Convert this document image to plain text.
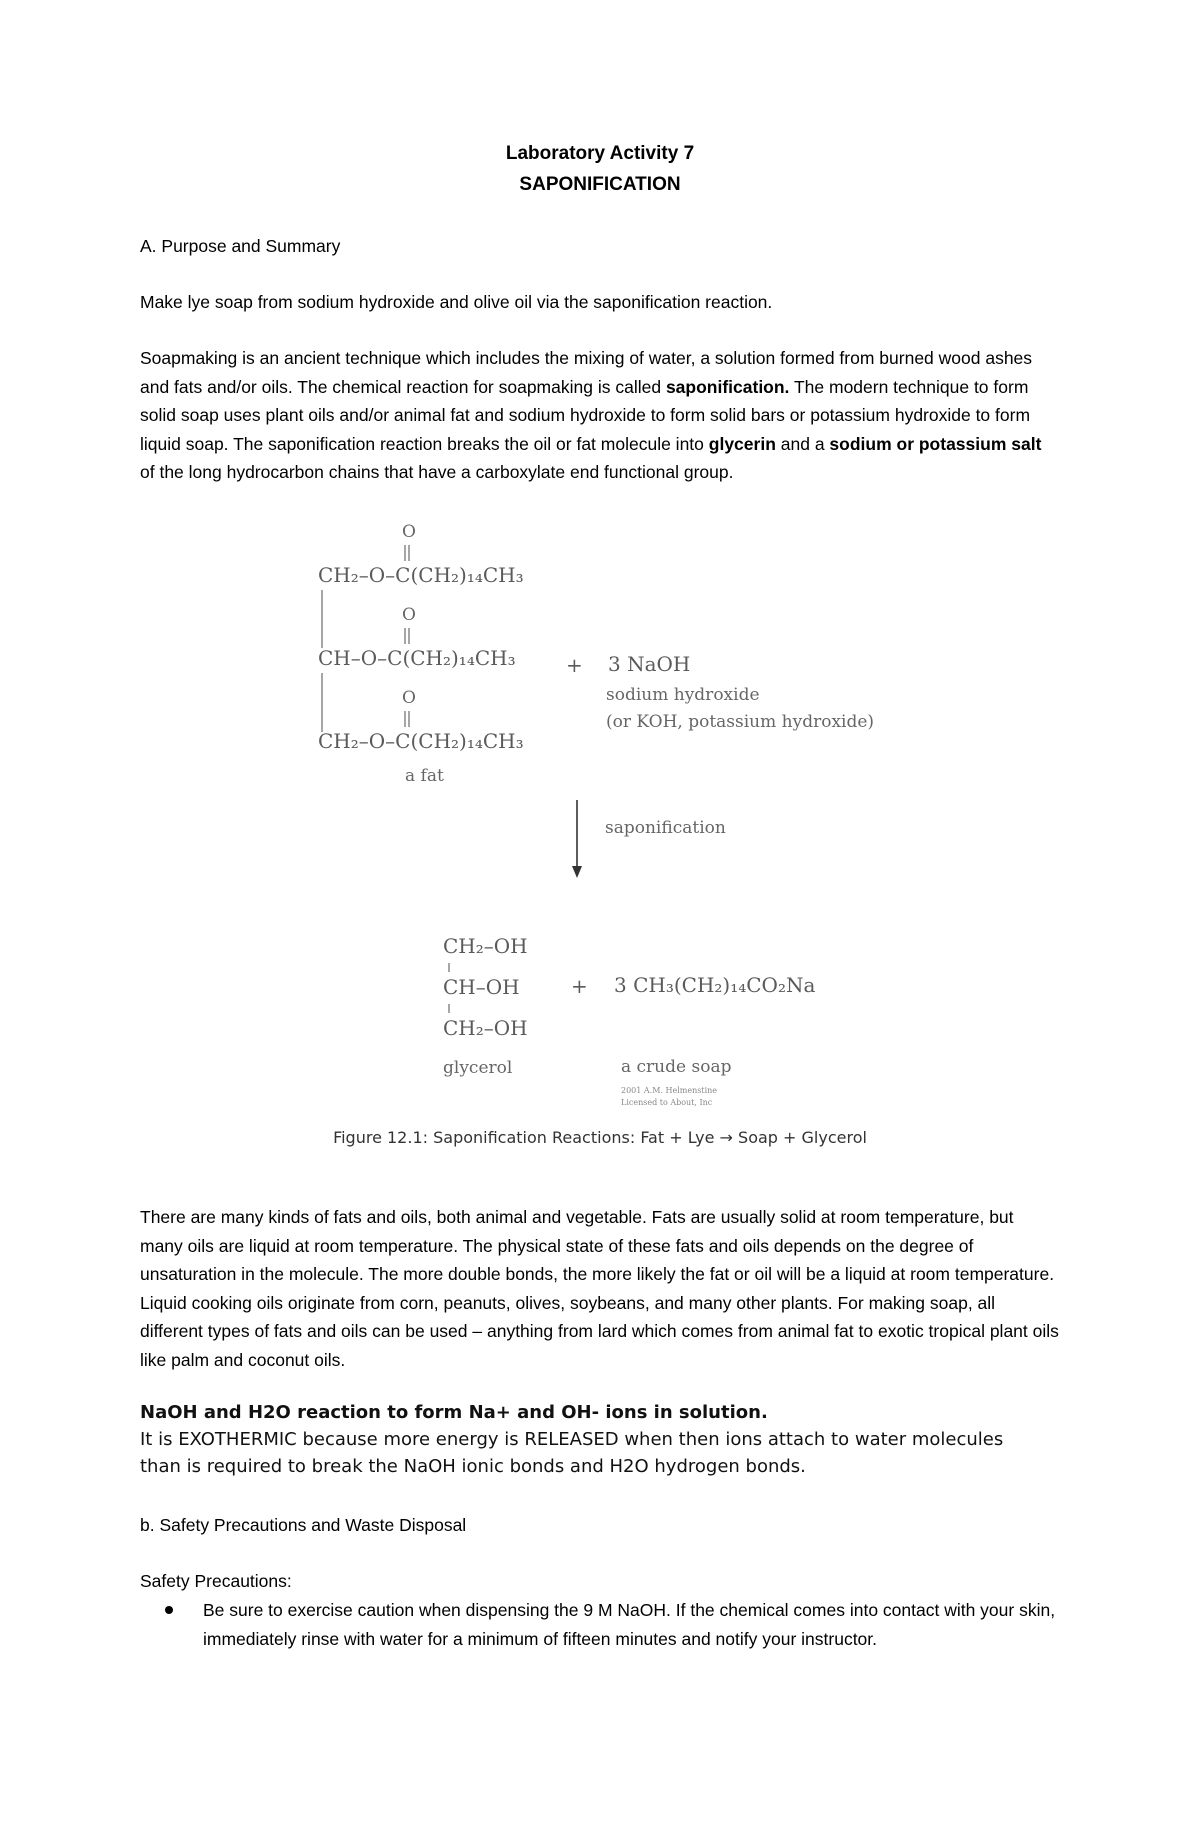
Laboratory Activity 7
SAPONIFICATION
A. Purpose and Summary
Make lye soap from sodium hydroxide and olive oil via the saponification reaction.
Soapmaking is an ancient technique which includes the mixing of water, a solution formed from burned wood ashes and fats and/or oils. The chemical reaction for soapmaking is called saponification. The modern technique to form solid soap uses plant oils and/or animal fat and sodium hydroxide to form solid bars or potassium hydroxide to form liquid soap. The saponification reaction breaks the oil or fat molecule into glycerin and a sodium or potassium salt of the long hydrocarbon chains that have a carboxylate end functional group.
O
O
O
CH₂–O–C(CH₂)₁₄CH₃
CH–O–C(CH₂)₁₄CH₃
CH₂–O–C(CH₂)₁₄CH₃
a fat
+ 3 NaOH
sodium hydroxide
(or KOH, potassium hydroxide)
saponification
CH₂–OH
CH–OH
CH₂–OH
glycerol
+ 3 CH₃(CH₂)₁₄CO₂Na
a crude soap
2001 A.M. Helmenstine
Licensed to About, Inc
Figure 12.1: Saponification Reactions: Fat + Lye → Soap + Glycerol
There are many kinds of fats and oils, both animal and vegetable. Fats are usually solid at room temperature, but many oils are liquid at room temperature. The physical state of these fats and oils depends on the degree of unsaturation in the molecule. The more double bonds, the more likely the fat or oil will be a liquid at room temperature. Liquid cooking oils originate from corn, peanuts, olives, soybeans, and many other plants. For making soap, all different types of fats and oils can be used – anything from lard which comes from animal fat to exotic tropical plant oils like palm and coconut oils.
NaOH and H2O reaction to form Na+ and OH- ions in solution.
It is EXOTHERMIC because more energy is RELEASED when then ions attach to water molecules
than is required to break the NaOH ionic bonds and H2O hydrogen bonds.
b. Safety Precautions and Waste Disposal
Safety Precautions:
Be sure to exercise caution when dispensing the 9 M NaOH. If the chemical comes into contact with your skin, immediately rinse with water for a minimum of fifteen minutes and notify your instructor.
